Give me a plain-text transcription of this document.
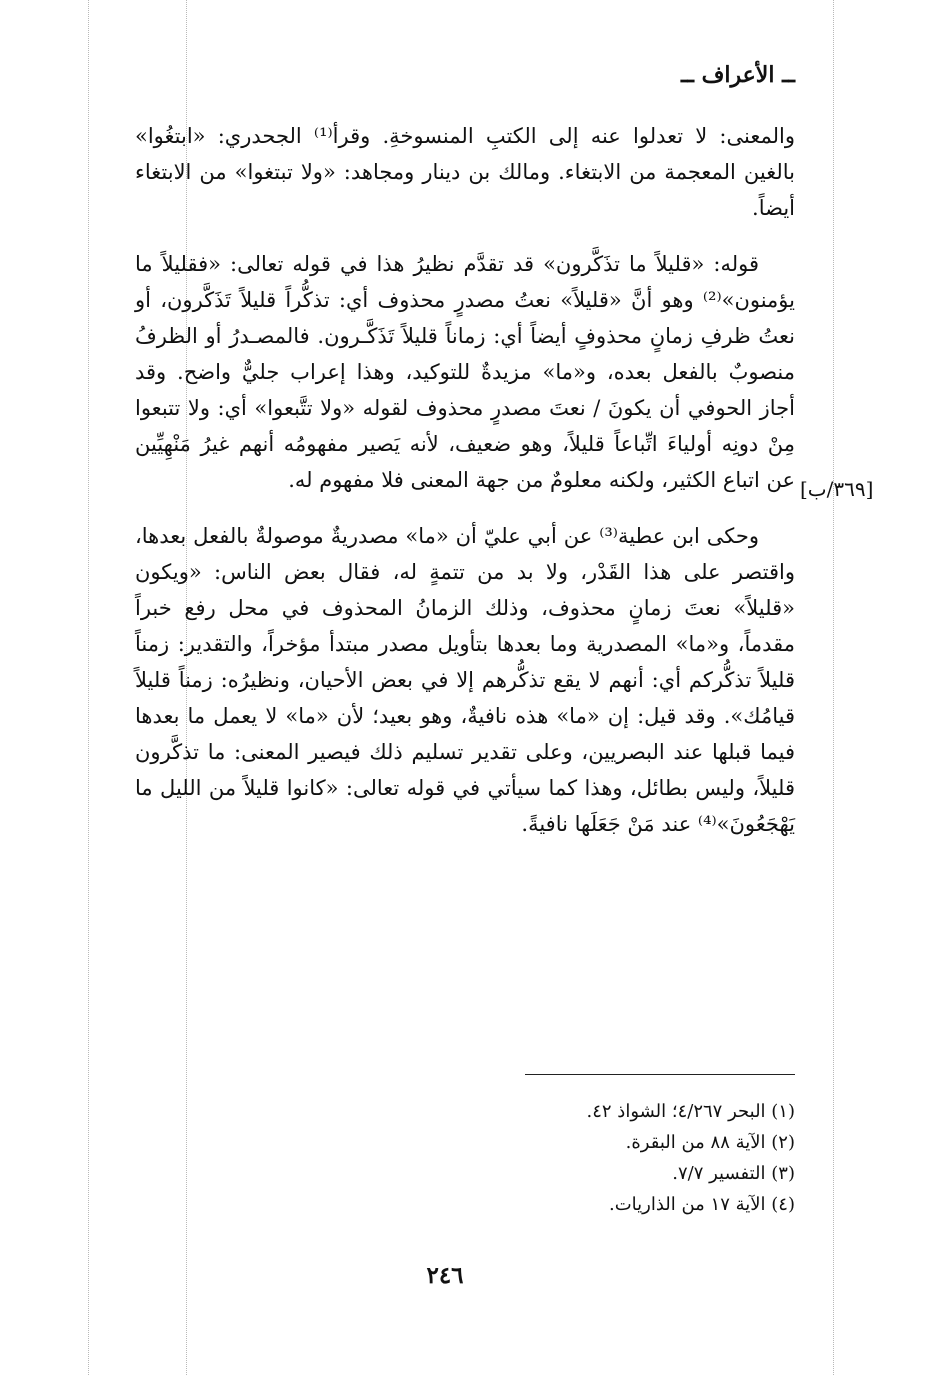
ــ الأعراف ــ

والمعنى: لا تعدلوا عنه إلى الكتبِ المنسوخةِ. وقرأ⁽¹⁾ الجحدري: «ابتغُوا» بالغين المعجمة من الابتغاء. ومالك بن دينار ومجاهد: «ولا تبتغوا» من الابتغاء أيضاً.

قوله: «قليلاً ما تذَكَّرون» قد تقدَّم نظيرُ هذا في قوله تعالى: «فقليلاً ما يؤمنون»⁽²⁾ وهو أنَّ «قليلاً» نعتُ مصدرٍ محذوف أي: تذكُّراً قليلاً تَذَكَّرون، أو نعتُ ظرفِ زمانٍ محذوفٍ أيضاً أي: زماناً قليلاً تَذَكَّـرون. فالمصـدرُ أو الظرفُ منصوبٌ بالفعل بعده، و«ما» مزيدةٌ للتوكيد، وهذا إعراب جليٌّ واضح. وقد أجاز الحوفي أن يكونَ / نعتَ مصدرٍ محذوف لقوله «ولا تتَّبعوا» أي: ولا تتبعوا مِنْ دونِه أولياءَ اتِّباعاً قليلاً، وهو ضعيف، لأنه يَصير مفهومُه أنهم غيرُ مَنْهِيِّين عن اتباع الكثير، ولكنه معلومٌ من جهة المعنى فلا مفهوم له.

وحكى ابن عطية⁽³⁾ عن أبي عليّ أن «ما» مصدريةٌ موصولةٌ بالفعل بعدها، واقتصر على هذا القَدْر، ولا بد من تتمةٍ له، فقال بعض الناس: «ويكون «قليلاً» نعتَ زمانٍ محذوف، وذلك الزمانُ المحذوف في محل رفع خبراً مقدماً، و«ما» المصدرية وما بعدها بتأويل مصدر مبتدأ مؤخراً، والتقدير: زمناً قليلاً تذكُّركم أي: أنهم لا يقع تذكُّرهم إلا في بعض الأحيان، ونظيرُه: زمناً قليلاً قيامُك». وقد قيل: إن «ما» هذه نافيةٌ، وهو بعيد؛ لأن «ما» لا يعمل ما بعدها فيما قبلها عند البصريين، وعلى تقدير تسليم ذلك فيصير المعنى: ما تذكَّرون قليلاً، وليس بطائل، وهذا كما سيأتي في قوله تعالى: «كانوا قليلاً من الليل ما يَهْجَعُونَ»⁽⁴⁾ عند مَنْ جَعَلَها نافيةً.

[٣٦٩/ب]
(١) البحر ٤/٢٦٧؛ الشواذ ٤٢.
(٢) الآية ٨٨ من البقرة.
(٣) التفسير ٧/٧.
(٤) الآية ١٧ من الذاريات.
٢٤٦
